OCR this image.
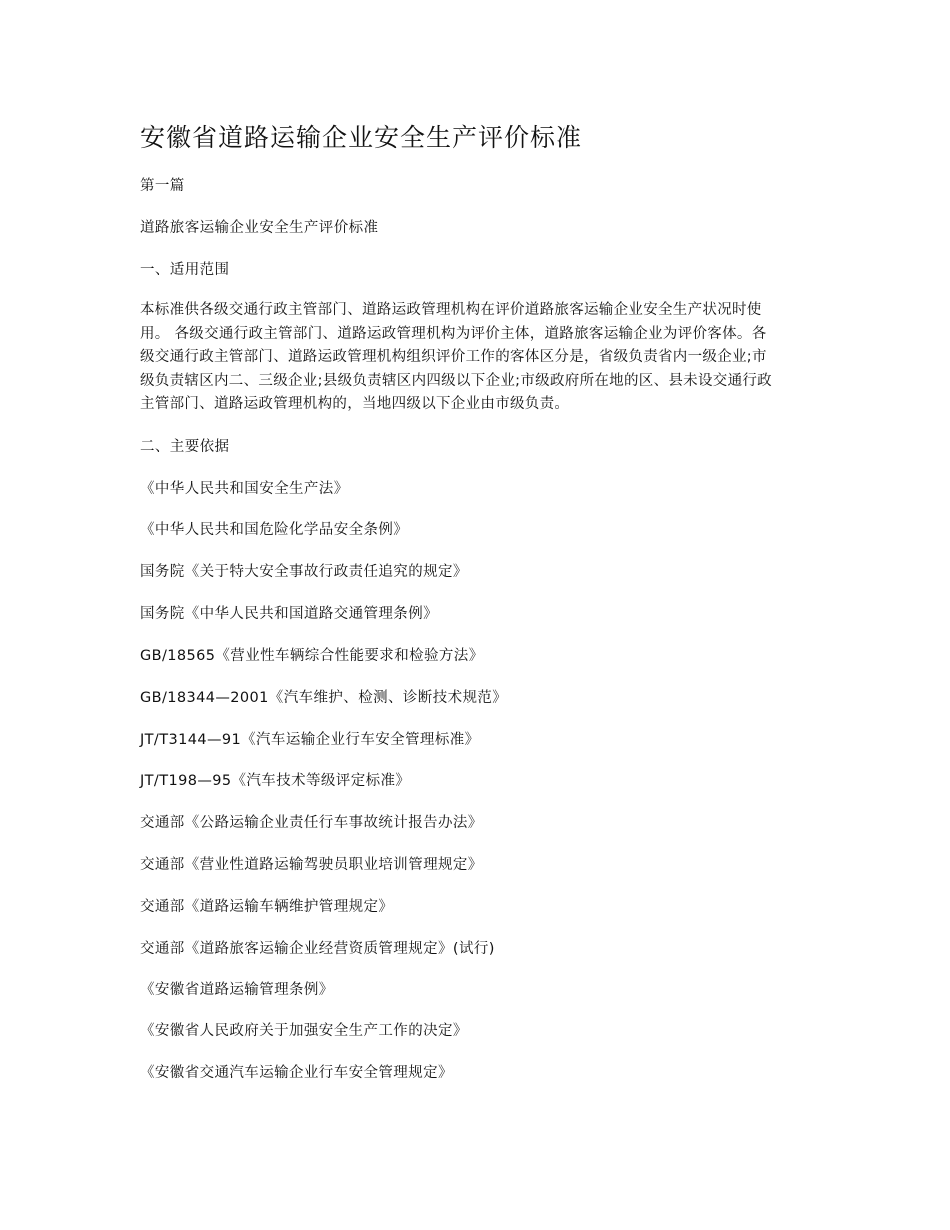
安徽省道路运输企业安全生产评价标准

第一篇

道路旅客运输企业安全生产评价标准

一、适用范围

本标准供各级交通行政主管部门、道路运政管理机构在评价道路旅客运输企业安全生产状况时使
用。 各级交通行政主管部门、道路运政管理机构为评价主体，道路旅客运输企业为评价客体。各
级交通行政主管部门、道路运政管理机构组织评价工作的客体区分是，省级负责省内一级企业;市
级负责辖区内二、三级企业;县级负责辖区内四级以下企业;市级政府所在地的区、县未设交通行政
主管部门、道路运政管理机构的，当地四级以下企业由市级负责。

二、主要依据

《中华人民共和国安全生产法》

《中华人民共和国危险化学品安全条例》

国务院《关于特大安全事故行政责任追究的规定》

国务院《中华人民共和国道路交通管理条例》

GB/18565《营业性车辆综合性能要求和检验方法》

GB/18344—2001《汽车维护、检测、诊断技术规范》

JT/T3144—91《汽车运输企业行车安全管理标准》

JT/T198—95《汽车技术等级评定标准》

交通部《公路运输企业责任行车事故统计报告办法》

交通部《营业性道路运输驾驶员职业培训管理规定》

交通部《道路运输车辆维护管理规定》

交通部《道路旅客运输企业经营资质管理规定》(试行)

《安徽省道路运输管理条例》

《安徽省人民政府关于加强安全生产工作的决定》

《安徽省交通汽车运输企业行车安全管理规定》
